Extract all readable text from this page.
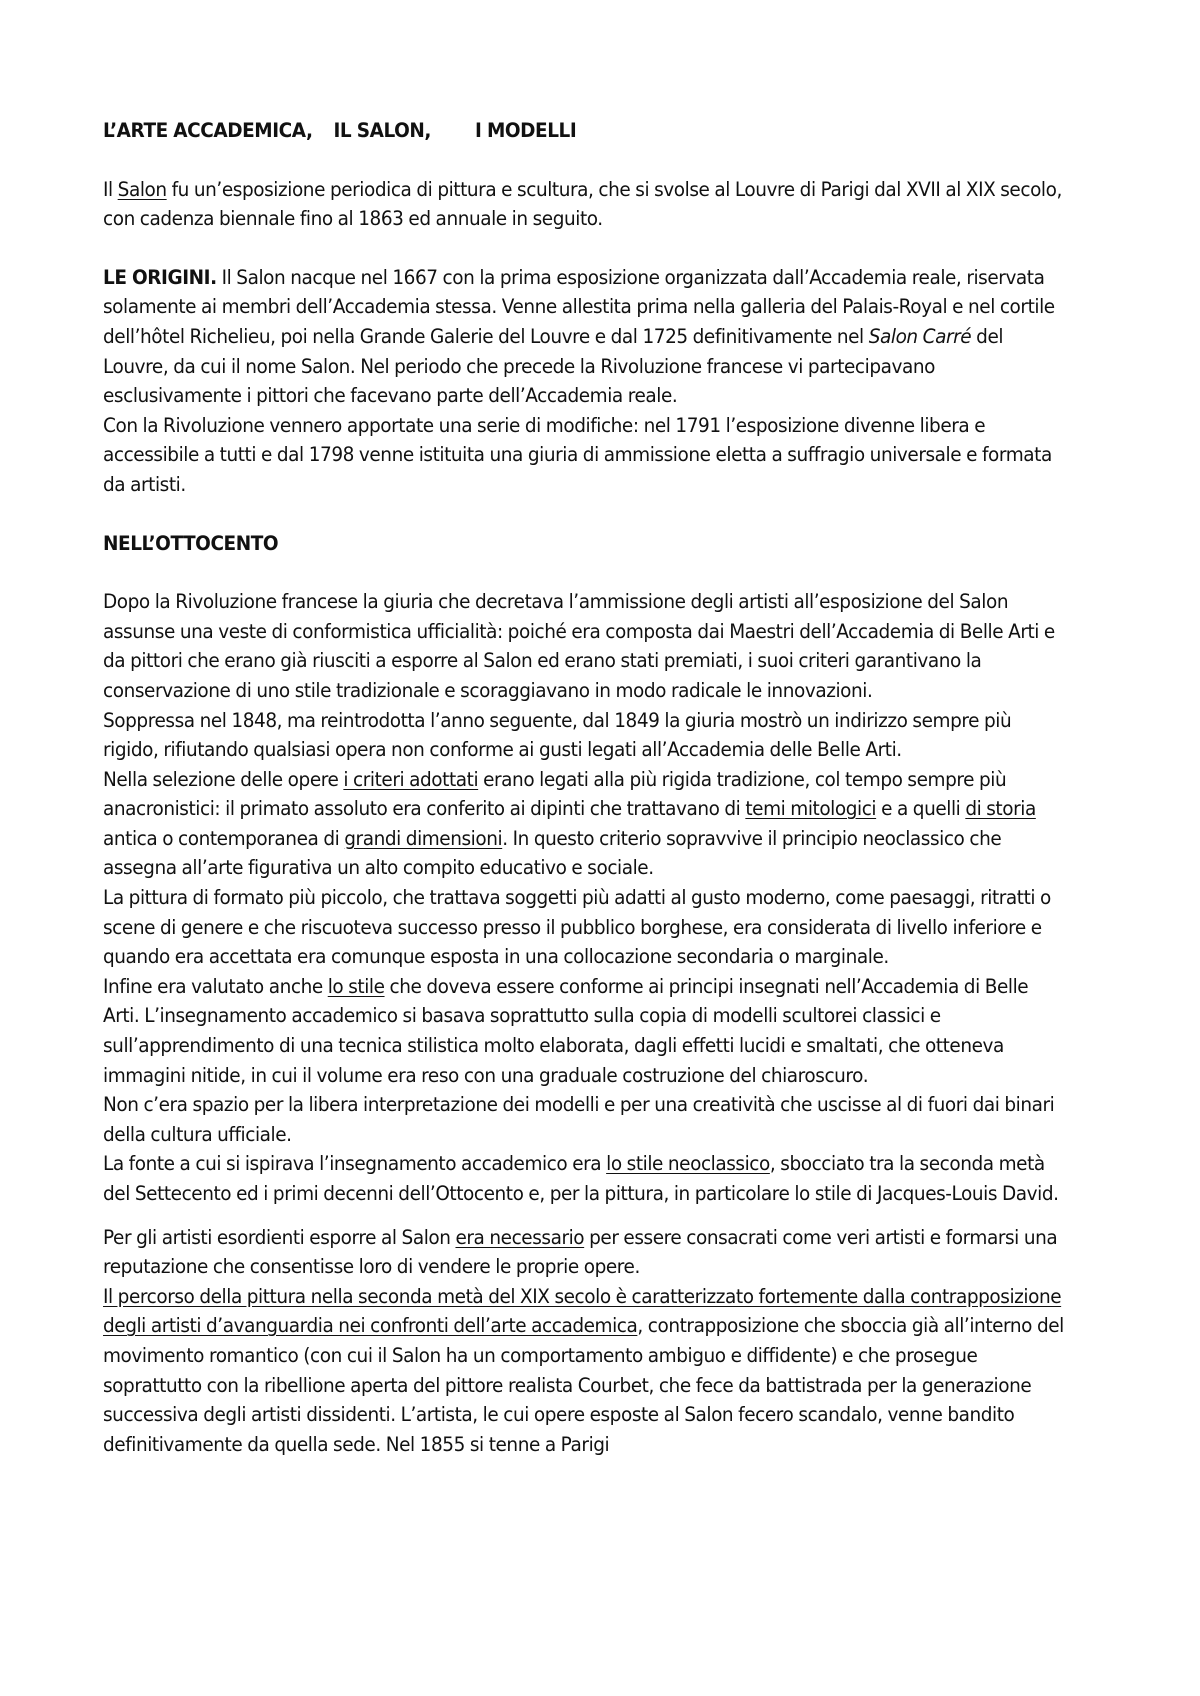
L’ARTE ACCADEMICA, IL SALON, I MODELLI

Il Salon fu un’esposizione periodica di pittura e scultura, che si svolse al Louvre di Parigi dal XVII al XIX secolo, con cadenza biennale fino al 1863 ed annuale in seguito.

LE ORIGINI. Il Salon nacque nel 1667 con la prima esposizione organizzata dall’Accademia reale, riservata solamente ai membri dell’Accademia stessa. Venne allestita prima nella galleria del Palais-Royal e nel cortile dell’hôtel Richelieu, poi nella Grande Galerie del Louvre e dal 1725 definitivamente nel Salon Carré del Louvre, da cui il nome Salon. Nel periodo che precede la Rivoluzione francese vi partecipavano esclusivamente i pittori che facevano parte dell’Accademia reale.

Con la Rivoluzione vennero apportate una serie di modifiche: nel 1791 l’esposizione divenne libera e accessibile a tutti e dal 1798 venne istituita una giuria di ammissione eletta a suffragio universale e formata da artisti.

NELL’OTTOCENTO

Dopo la Rivoluzione francese la giuria che decretava l’ammissione degli artisti all’esposizione del Salon assunse una veste di conformistica ufficialità: poiché era composta dai Maestri dell’Accademia di Belle Arti e da pittori che erano già riusciti a esporre al Salon ed erano stati premiati, i suoi criteri garantivano la conservazione di uno stile tradizionale e scoraggiavano in modo radicale le innovazioni.

Soppressa nel 1848, ma reintrodotta l’anno seguente, dal 1849 la giuria mostrò un indirizzo sempre più rigido, rifiutando qualsiasi opera non conforme ai gusti legati all’Accademia delle Belle Arti.

Nella selezione delle opere i criteri adottati erano legati alla più rigida tradizione, col tempo sempre più anacronistici: il primato assoluto era conferito ai dipinti che trattavano di temi mitologici e a quelli di storia antica o contemporanea di grandi dimensioni. In questo criterio sopravvive il principio neoclassico che assegna all’arte figurativa un alto compito educativo e sociale.

La pittura di formato più piccolo, che trattava soggetti più adatti al gusto moderno, come paesaggi, ritratti o scene di genere e che riscuoteva successo presso il pubblico borghese, era considerata di livello inferiore e quando era accettata era comunque esposta in una collocazione secondaria o marginale.

Infine era valutato anche lo stile che doveva essere conforme ai principi insegnati nell’Accademia di Belle Arti. L’insegnamento accademico si basava soprattutto sulla copia di modelli scultorei classici e sull’apprendimento di una tecnica stilistica molto elaborata, dagli effetti lucidi e smaltati, che otteneva immagini nitide, in cui il volume era reso con una graduale costruzione del chiaroscuro.

Non c’era spazio per la libera interpretazione dei modelli e per una creatività che uscisse al di fuori dai binari della cultura ufficiale.

La fonte a cui si ispirava l’insegnamento accademico era lo stile neoclassico, sbocciato tra la seconda metà del Settecento ed i primi decenni dell’Ottocento e, per la pittura, in particolare lo stile di Jacques-Louis David.

Per gli artisti esordienti esporre al Salon era necessario per essere consacrati come veri artisti e formarsi una reputazione che consentisse loro di vendere le proprie opere.

Il percorso della pittura nella seconda metà del XIX secolo è caratterizzato fortemente dalla contrapposizione degli artisti d’avanguardia nei confronti dell’arte accademica, contrapposizione che sboccia già all’interno del movimento romantico (con cui il Salon ha un comportamento ambiguo e diffidente) e che prosegue soprattutto con la ribellione aperta del pittore realista Courbet, che fece da battistrada per la generazione successiva degli artisti dissidenti. L’artista, le cui opere esposte al Salon fecero scandalo, venne bandito definitivamente da quella sede. Nel 1855 si tenne a Parigi
